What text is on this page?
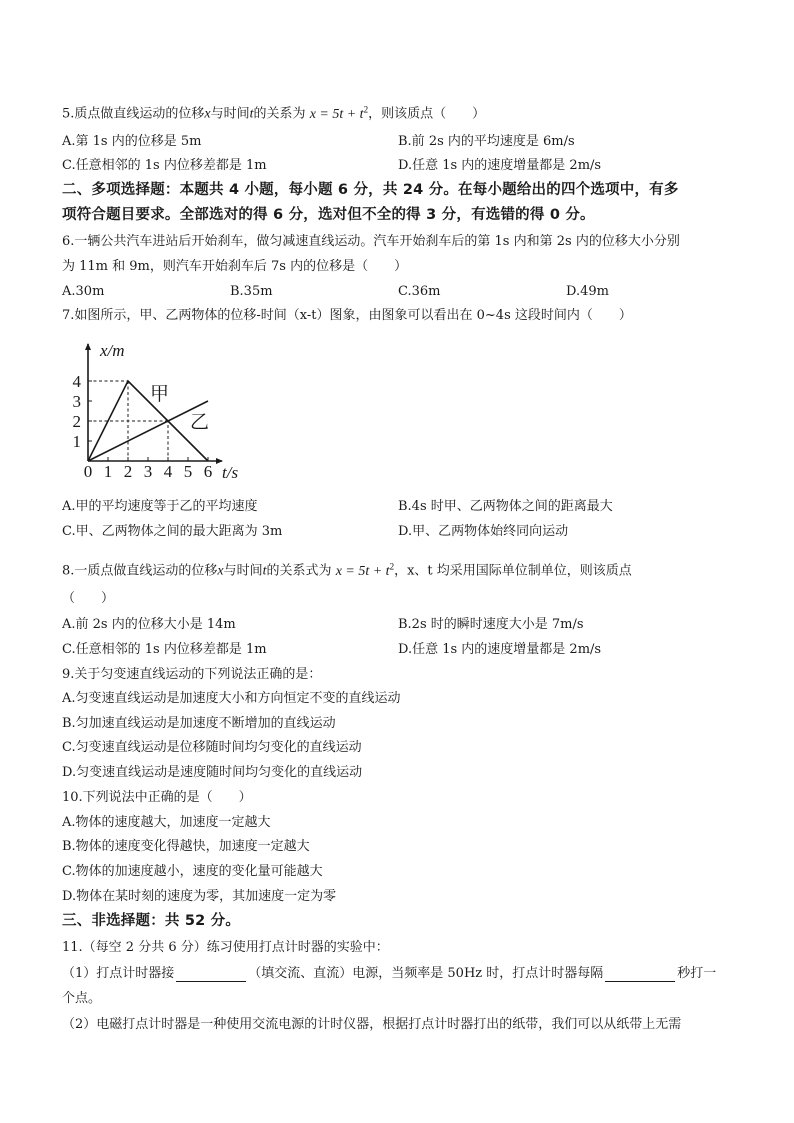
5.质点做直线运动的位移x与时间t的关系为 $x = 5t + t^2$，则该质点（　　）
A.第 1s 内的位移是 5m	B.前 2s 内的平均速度是 6m/s
C.任意相邻的 1s 内位移差都是 1m	D.任意 1s 内的速度增量都是 2m/s
二、多项选择题：本题共 4 小题，每小题 6 分，共 24 分。在每小题给出的四个选项中，有多
项符合题目要求。全部选对的得 6 分，选对但不全的得 3 分，有选错的得 0 分。
6.一辆公共汽车进站后开始刹车，做匀减速直线运动。汽车开始刹车后的第 1s 内和第 2s 内的位移大小分别
为 11m 和 9m，则汽车开始刹车后 7s 内的位移是（　　）
A.30m	B.35m	C.36m	D.49m
7.如图所示，甲、乙两物体的位移-时间（x-t）图象，由图象可以看出在 0~4s 这段时间内（　　）
0 1 2 3 4 5 6
1
2
3
4
x/m
t/s
甲
乙
A.甲的平均速度等于乙的平均速度	B.4s 时甲、乙两物体之间的距离最大
C.甲、乙两物体之间的最大距离为 3m	D.甲、乙两物体始终同向运动
8.一质点做直线运动的位移x与时间t的关系式为 $x = 5t + t^2$，x、t 均采用国际单位制单位，则该质点
（　　）
A.前 2s 内的位移大小是 14m	B.2s 时的瞬时速度大小是 7m/s
C.任意相邻的 1s 内位移差都是 1m	D.任意 1s 内的速度增量都是 2m/s
9.关于匀变速直线运动的下列说法正确的是：
A.匀变速直线运动是加速度大小和方向恒定不变的直线运动
B.匀加速直线运动是加速度不断增加的直线运动
C.匀变速直线运动是位移随时间均匀变化的直线运动
D.匀变速直线运动是速度随时间均匀变化的直线运动
10.下列说法中正确的是（　　）
A.物体的速度越大，加速度一定越大
B.物体的速度变化得越快，加速度一定越大
C.物体的加速度越小，速度的变化量可能越大
D.物体在某时刻的速度为零，其加速度一定为零
三、非选择题：共 52 分。
11.（每空 2 分共 6 分）练习使用打点计时器的实验中：
（1）打点计时器接	（填交流、直流）电源，当频率是 50Hz 时，打点计时器每隔	秒打一
个点。
（2）电磁打点计时器是一种使用交流电源的计时仪器，根据打点计时器打出的纸带，我们可以从纸带上无需
